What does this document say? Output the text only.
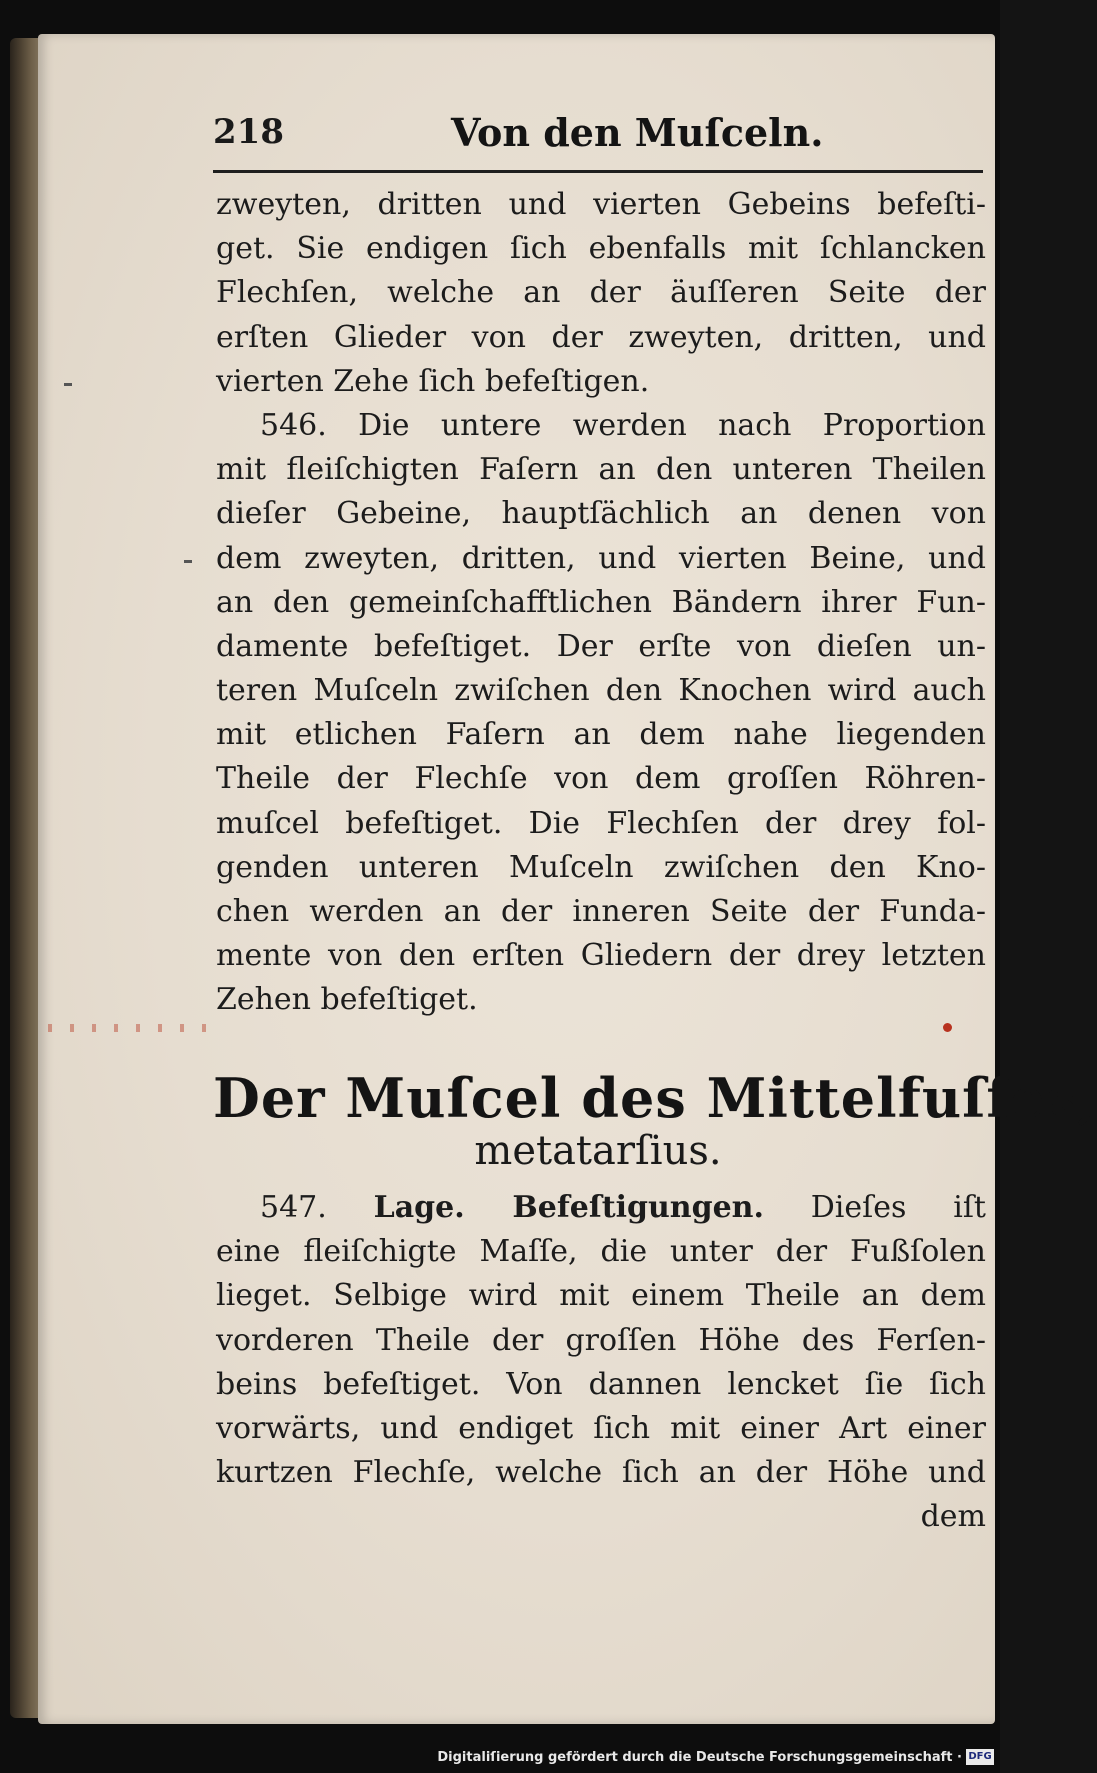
218	Von den Muſceln.
zweyten, dritten und vierten Gebeins befeſti-
get. Sie endigen ſich ebenfalls mit ſchlancken
Flechſen, welche an der äuſſeren Seite der
erſten Glieder von der zweyten, dritten, und
vierten Zehe ſich befeſtigen.
546. Die untere werden nach Proportion
mit fleiſchigten Faſern an den unteren Theilen
dieſer Gebeine, hauptſächlich an denen von
dem zweyten, dritten, und vierten Beine, und
an den gemeinſchafftlichen Bändern ihrer Fun-
damente befeſtiget. Der erſte von dieſen un-
teren Muſceln zwiſchen den Knochen wird auch
mit etlichen Faſern an dem nahe liegenden
Theile der Flechſe von dem groſſen Röhren-
muſcel befeſtiget. Die Flechſen der drey fol-
genden unteren Muſceln zwiſchen den Kno-
chen werden an der inneren Seite der Funda-
mente von den erſten Gliedern der drey letzten
Zehen befeſtiget.
Der Muſcel des Mittelfuſſes,
metatarſius.
547. Lage. Befeſtigungen. Dieſes iſt
eine fleiſchigte Maſſe, die unter der Fußſolen
lieget. Selbige wird mit einem Theile an dem
vorderen Theile der groſſen Höhe des Ferſen-
beins befeſtiget. Von dannen lencket ſie ſich
vorwärts, und endiget ſich mit einer Art einer
kurtzen Flechſe, welche ſich an der Höhe und
dem
Digitaliſierung gefördert durch die Deutsche Forschungsgemeinschaft · DFG
